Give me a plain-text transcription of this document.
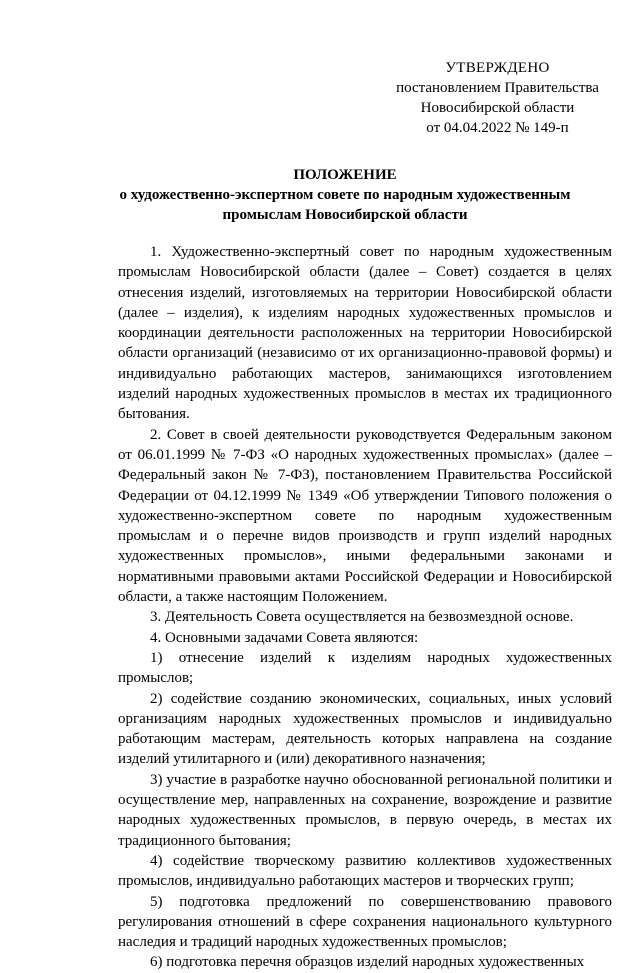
УТВЕРЖДЕНО
постановлением Правительства
Новосибирской области
от 04.04.2022 № 149-п
ПОЛОЖЕНИЕ
о художественно-экспертном совете по народным художественным
промыслам Новосибирской области

1. Художественно-экспертный совет по народным художественным промыслам Новосибирской области (далее – Совет) создается в целях отнесения изделий, изготовляемых на территории Новосибирской области (далее – изделия), к изделиям народных художественных промыслов и координации деятельности расположенных на территории Новосибирской области организаций (независимо от их организационно-правовой формы) и индивидуально работающих мастеров, занимающихся изготовлением изделий народных художественных промыслов в местах их традиционного бытования.

2. Совет в своей деятельности руководствуется Федеральным законом от 06.01.1999 № 7-ФЗ «О народных художественных промыслах» (далее – Федеральный закон № 7-ФЗ), постановлением Правительства Российской Федерации от 04.12.1999 № 1349 «Об утверждении Типового положения о художественно-экспертном совете по народным художественным промыслам и о перечне видов производств и групп изделий народных художественных промыслов», иными федеральными законами и нормативными правовыми актами Российской Федерации и Новосибирской области, а также настоящим Положением.

3. Деятельность Совета осуществляется на безвозмездной основе.

4. Основными задачами Совета являются:

1) отнесение изделий к изделиям народных художественных промыслов;

2) содействие созданию экономических, социальных, иных условий организациям народных художественных промыслов и индивидуально работающим мастерам, деятельность которых направлена на создание изделий утилитарного и (или) декоративного назначения;

3) участие в разработке научно обоснованной региональной политики и осуществление мер, направленных на сохранение, возрождение и развитие народных художественных промыслов, в первую очередь, в местах их традиционного бытования;

4) содействие творческому развитию коллективов художественных промыслов, индивидуально работающих мастеров и творческих групп;

5) подготовка предложений по совершенствованию правового регулирования отношений в сфере сохранения национального культурного наследия и традиций народных художественных промыслов;

6) подготовка перечня образцов изделий народных художественных
